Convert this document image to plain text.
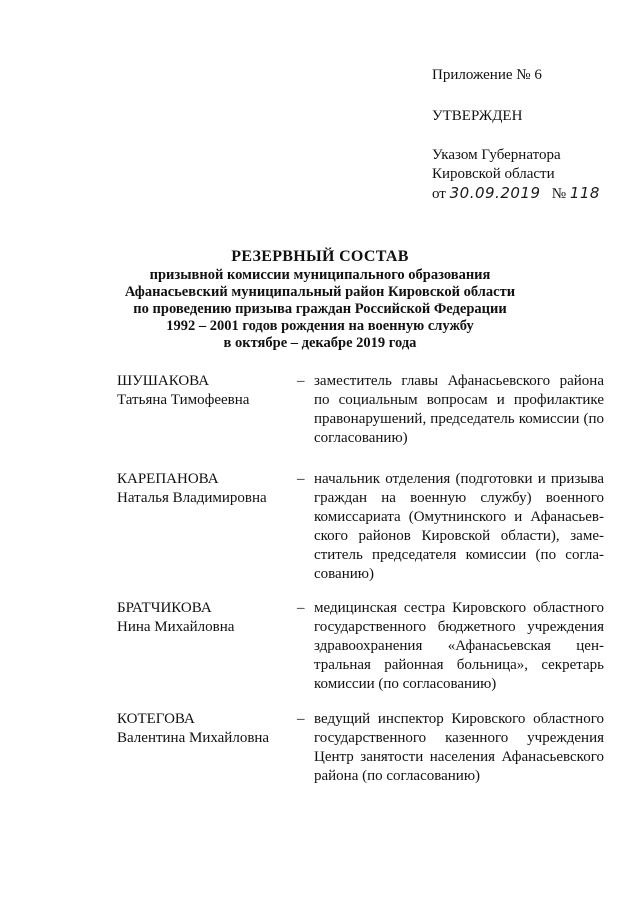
Приложение № 6
УТВЕРЖДЕН
Указом Губернатора
Кировской области
от 30.09.2019 № 118
РЕЗЕРВНЫЙ СОСТАВ
призывной комиссии муниципального образования
Афанасьевский муниципальный район Кировской области
по проведению призыва граждан Российской Федерации
1992 – 2001 годов рождения на военную службу
в октябре – декабре 2019 года
ШУШАКОВА
Татьяна Тимофеевна
– заместитель главы Афанасьевского района по социальным вопросам и профилактике правонарушений, председатель комиссии (по согласованию)
КАРЕПАНОВА
Наталья Владимировна
– начальник отделения (подготовки и призыва граждан на военную службу) военного комиссариата (Омутнинского и Афанасьевского районов Кировской области), заместитель председателя комиссии (по согласованию)
БРАТЧИКОВА
Нина Михайловна
– медицинская сестра Кировского областного государственного бюджетного учреждения здравоохранения «Афанасьевская центральная районная больница», секретарь комиссии (по согласованию)
КОТЕГОВА
Валентина Михайловна
– ведущий инспектор Кировского областного государственного казенного учреждения Центр занятости населения Афанасьевского района (по согласованию)
